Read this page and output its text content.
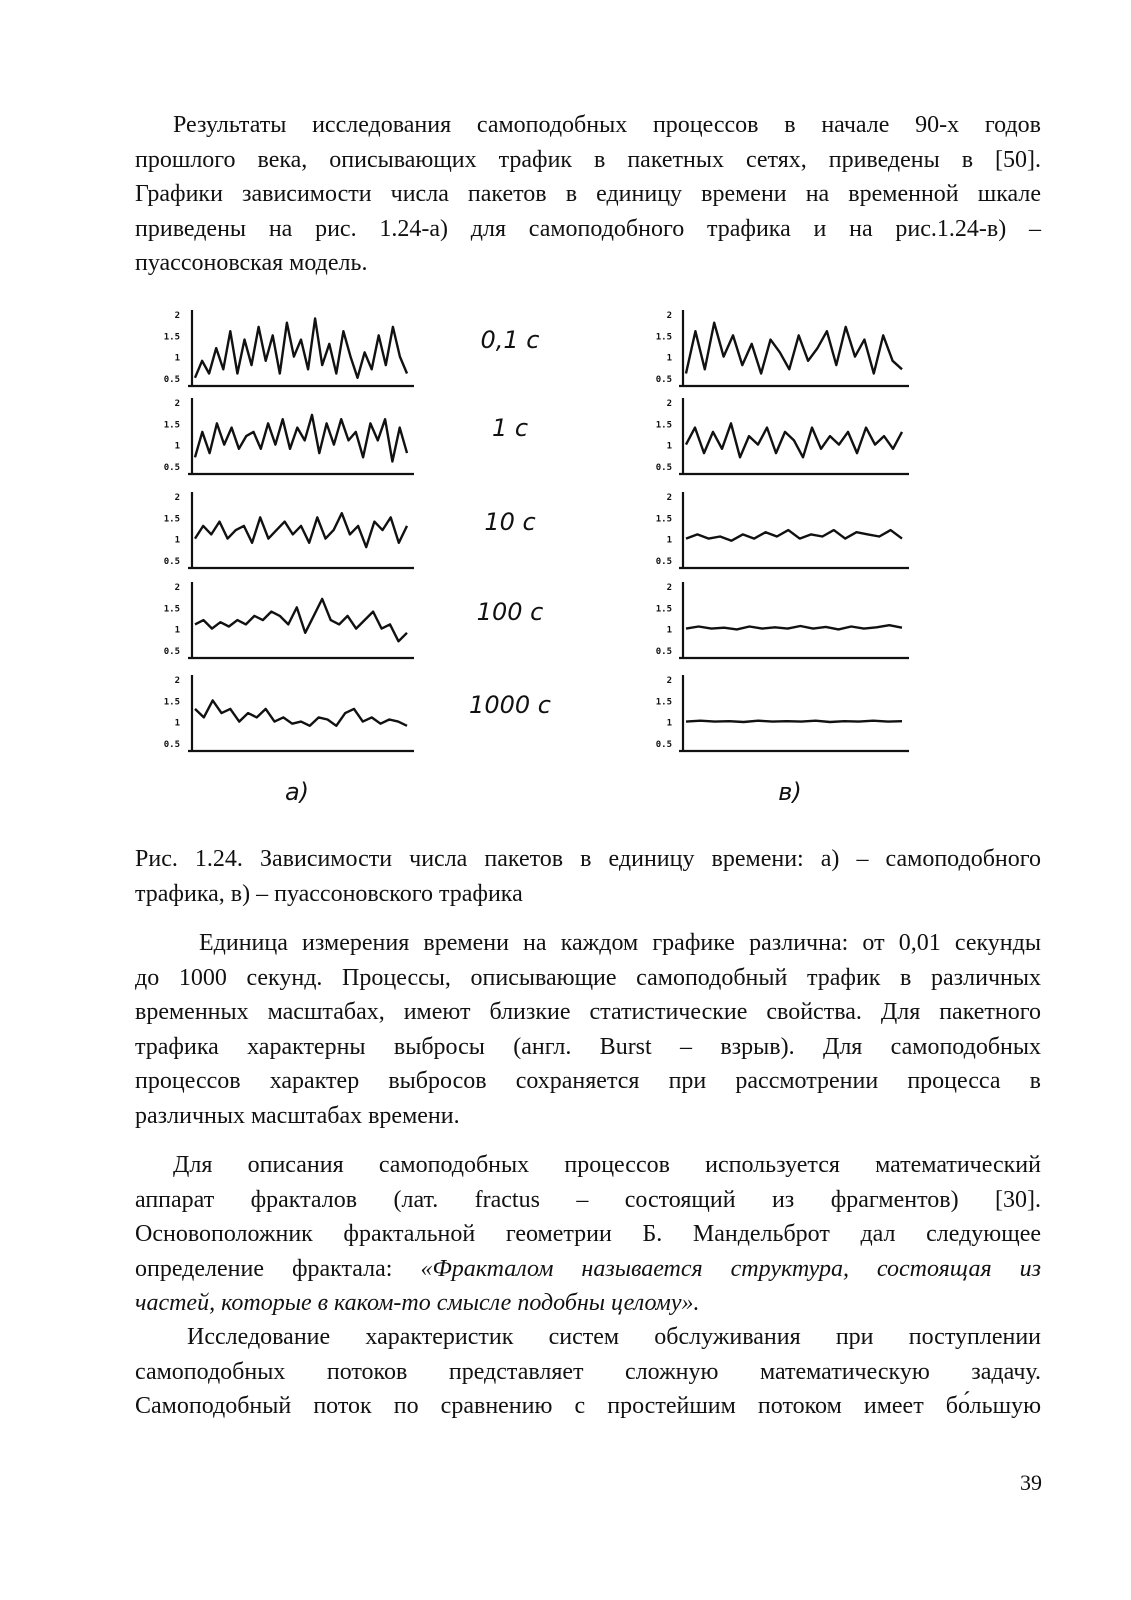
Результаты исследования самоподобных процессов в начале 90-х годов
прошлого века, описывающих трафик в пакетных сетях, приведены в [50].
Графики зависимости числа пакетов в единицу времени на временной шкале
приведены на рис. 1.24-а) для самоподобного трафика и на рис.1.24-в) –
пуассоновская модель.
2
1.5
1
0.5
0,1 с
2
1.5
1
0.5
1 с
2
1.5
1
0.5
10 с
2
1.5
1
0.5
100 с
2
1.5
1
0.5
1000 с
а)
2
1.5
1
0.5
2
1.5
1
0.5
2
1.5
1
0.5
2
1.5
1
0.5
2
1.5
1
0.5
в)
Рис. 1.24. Зависимости числа пакетов в единицу времени: а) – самоподобного
трафика, в) – пуассоновского трафика
Единица измерения времени на каждом графике различна: от 0,01 секунды
до 1000 секунд. Процессы, описывающие самоподобный трафик в различных
временных масштабах, имеют близкие статистические свойства. Для пакетного
трафика характерны выбросы (англ. Burst – взрыв). Для самоподобных
процессов характер выбросов сохраняется при рассмотрении процесса в
различных масштабах времени.
Для описания самоподобных процессов используется математический
аппарат фракталов (лат. fractus – состоящий из фрагментов) [30].
Основоположник фрактальной геометрии Б. Мандельброт дал следующее
определение фрактала: «Фракталом называется структура, состоящая из
частей, которые в каком-то смысле подобны целому».
Исследование характеристик систем обслуживания при поступлении
самоподобных потоков представляет сложную математическую задачу.
Самоподобный поток по сравнению с простейшим потоком имеет бо́льшую
39
